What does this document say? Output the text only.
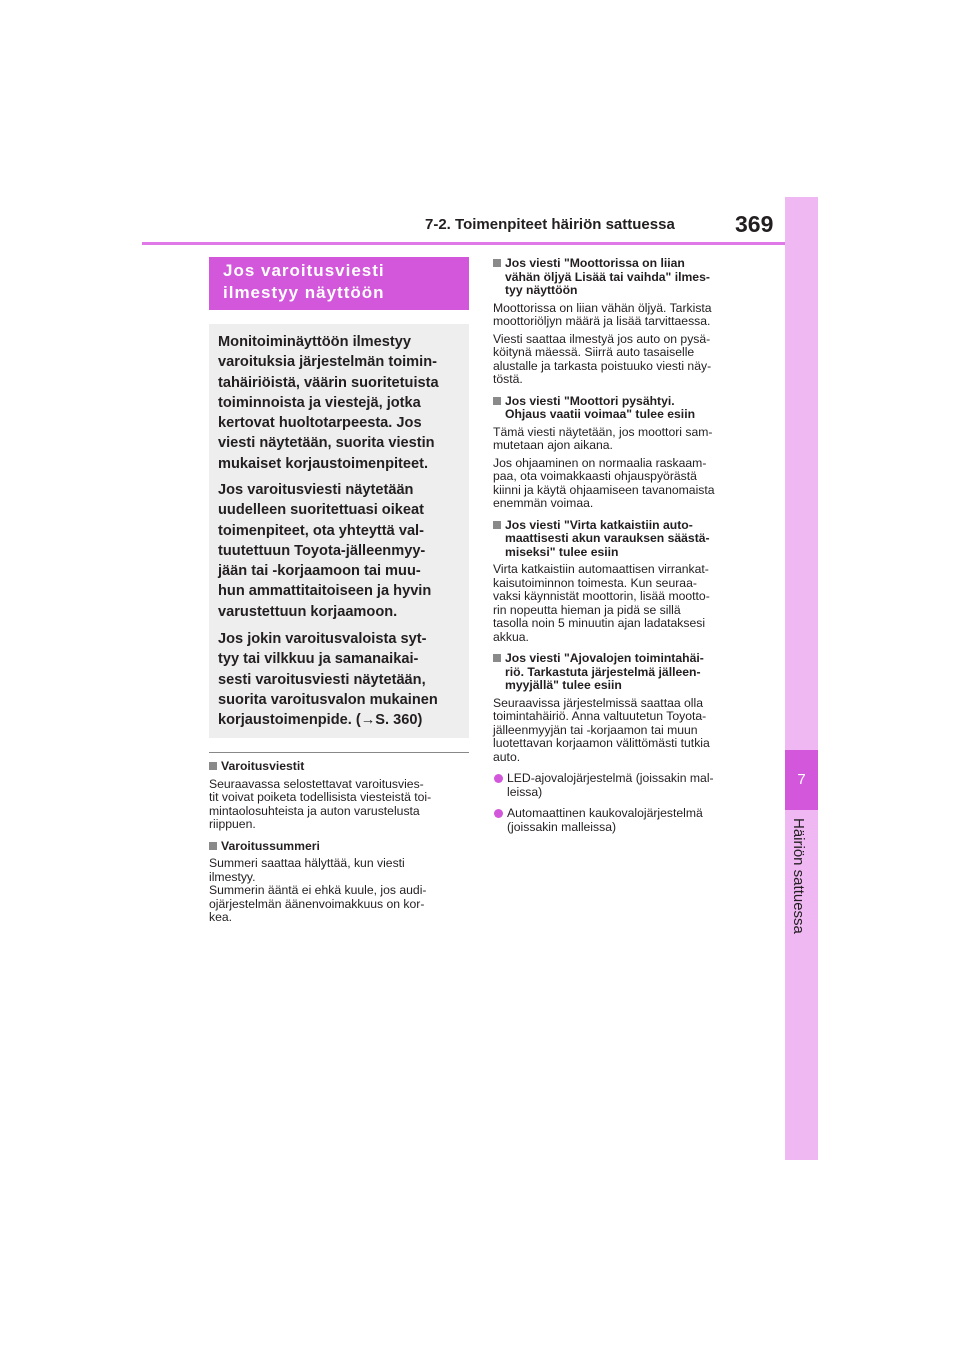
7-2. Toimenpiteet häiriön sattuessa	369
7
Häiriön sattuessa
Jos varoitusviesti
ilmestyy näyttöön

Monitoiminäyttöön ilmestyy
varoituksia järjestelmän toimin-
tahäiriöistä, väärin suoritetuista
toiminnoista ja viestejä, jotka
kertovat huoltotarpeesta. Jos
viesti näytetään, suorita viestin
mukaiset korjaustoimenpiteet.

Jos varoitusviesti näytetään
uudelleen suoritettuasi oikeat
toimenpiteet, ota yhteyttä val-
tuutettuun Toyota-jälleenmyy-
jään tai -korjaamoon tai muu-
hun ammattitaitoiseen ja hyvin
varustettuun korjaamoon.

Jos jokin varoitusvaloista syt-
tyy tai vilkkuu ja samanaikai-
sesti varoitusviesti näytetään,
suorita varoitusvalon mukainen
korjaustoimenpide. (→S. 360)

Varoitusviestit

Seuraavassa selostettavat varoitusvies-
tit voivat poiketa todellisista viesteistä toi-
mintaolosuhteista ja auton varustelusta
riippuen.

Varoitussummeri

Summeri saattaa hälyttää, kun viesti
ilmestyy.
Summerin ääntä ei ehkä kuule, jos audi-
ojärjestelmän äänenvoimakkuus on kor-
kea.

Jos viesti "Moottorissa on liian
vähän öljyä Lisää tai vaihda" ilmes-
tyy näyttöön

Moottorissa on liian vähän öljyä. Tarkista
moottoriöljyn määrä ja lisää tarvittaessa.

Viesti saattaa ilmestyä jos auto on pysä-
köitynä mäessä. Siirrä auto tasaiselle
alustalle ja tarkasta poistuuko viesti näy-
töstä.

Jos viesti "Moottori pysähtyi.
Ohjaus vaatii voimaa" tulee esiin

Tämä viesti näytetään, jos moottori sam-
mutetaan ajon aikana.

Jos ohjaaminen on normaalia raskaam-
paa, ota voimakkaasti ohjauspyörästä
kiinni ja käytä ohjaamiseen tavanomaista
enemmän voimaa.

Jos viesti "Virta katkaistiin auto-
maattisesti akun varauksen säästä-
miseksi" tulee esiin

Virta katkaistiin automaattisen virrankat-
kaisutoiminnon toimesta. Kun seuraa-
vaksi käynnistät moottorin, lisää mootto-
rin nopeutta hieman ja pidä se sillä
tasolla noin 5 minuutin ajan ladataksesi
akkua.

Jos viesti "Ajovalojen toimintahäi-
riö. Tarkastuta järjestelmä jälleen-
myyjällä" tulee esiin

Seuraavissa järjestelmissä saattaa olla
toimintahäiriö. Anna valtuutetun Toyota-
jälleenmyyjän tai -korjaamon tai muun
luotettavan korjaamon välittömästi tutkia
auto.

LED-ajovalojärjestelmä (joissakin mal-
leissa)

Automaattinen kaukovalojärjestelmä
(joissakin malleissa)
